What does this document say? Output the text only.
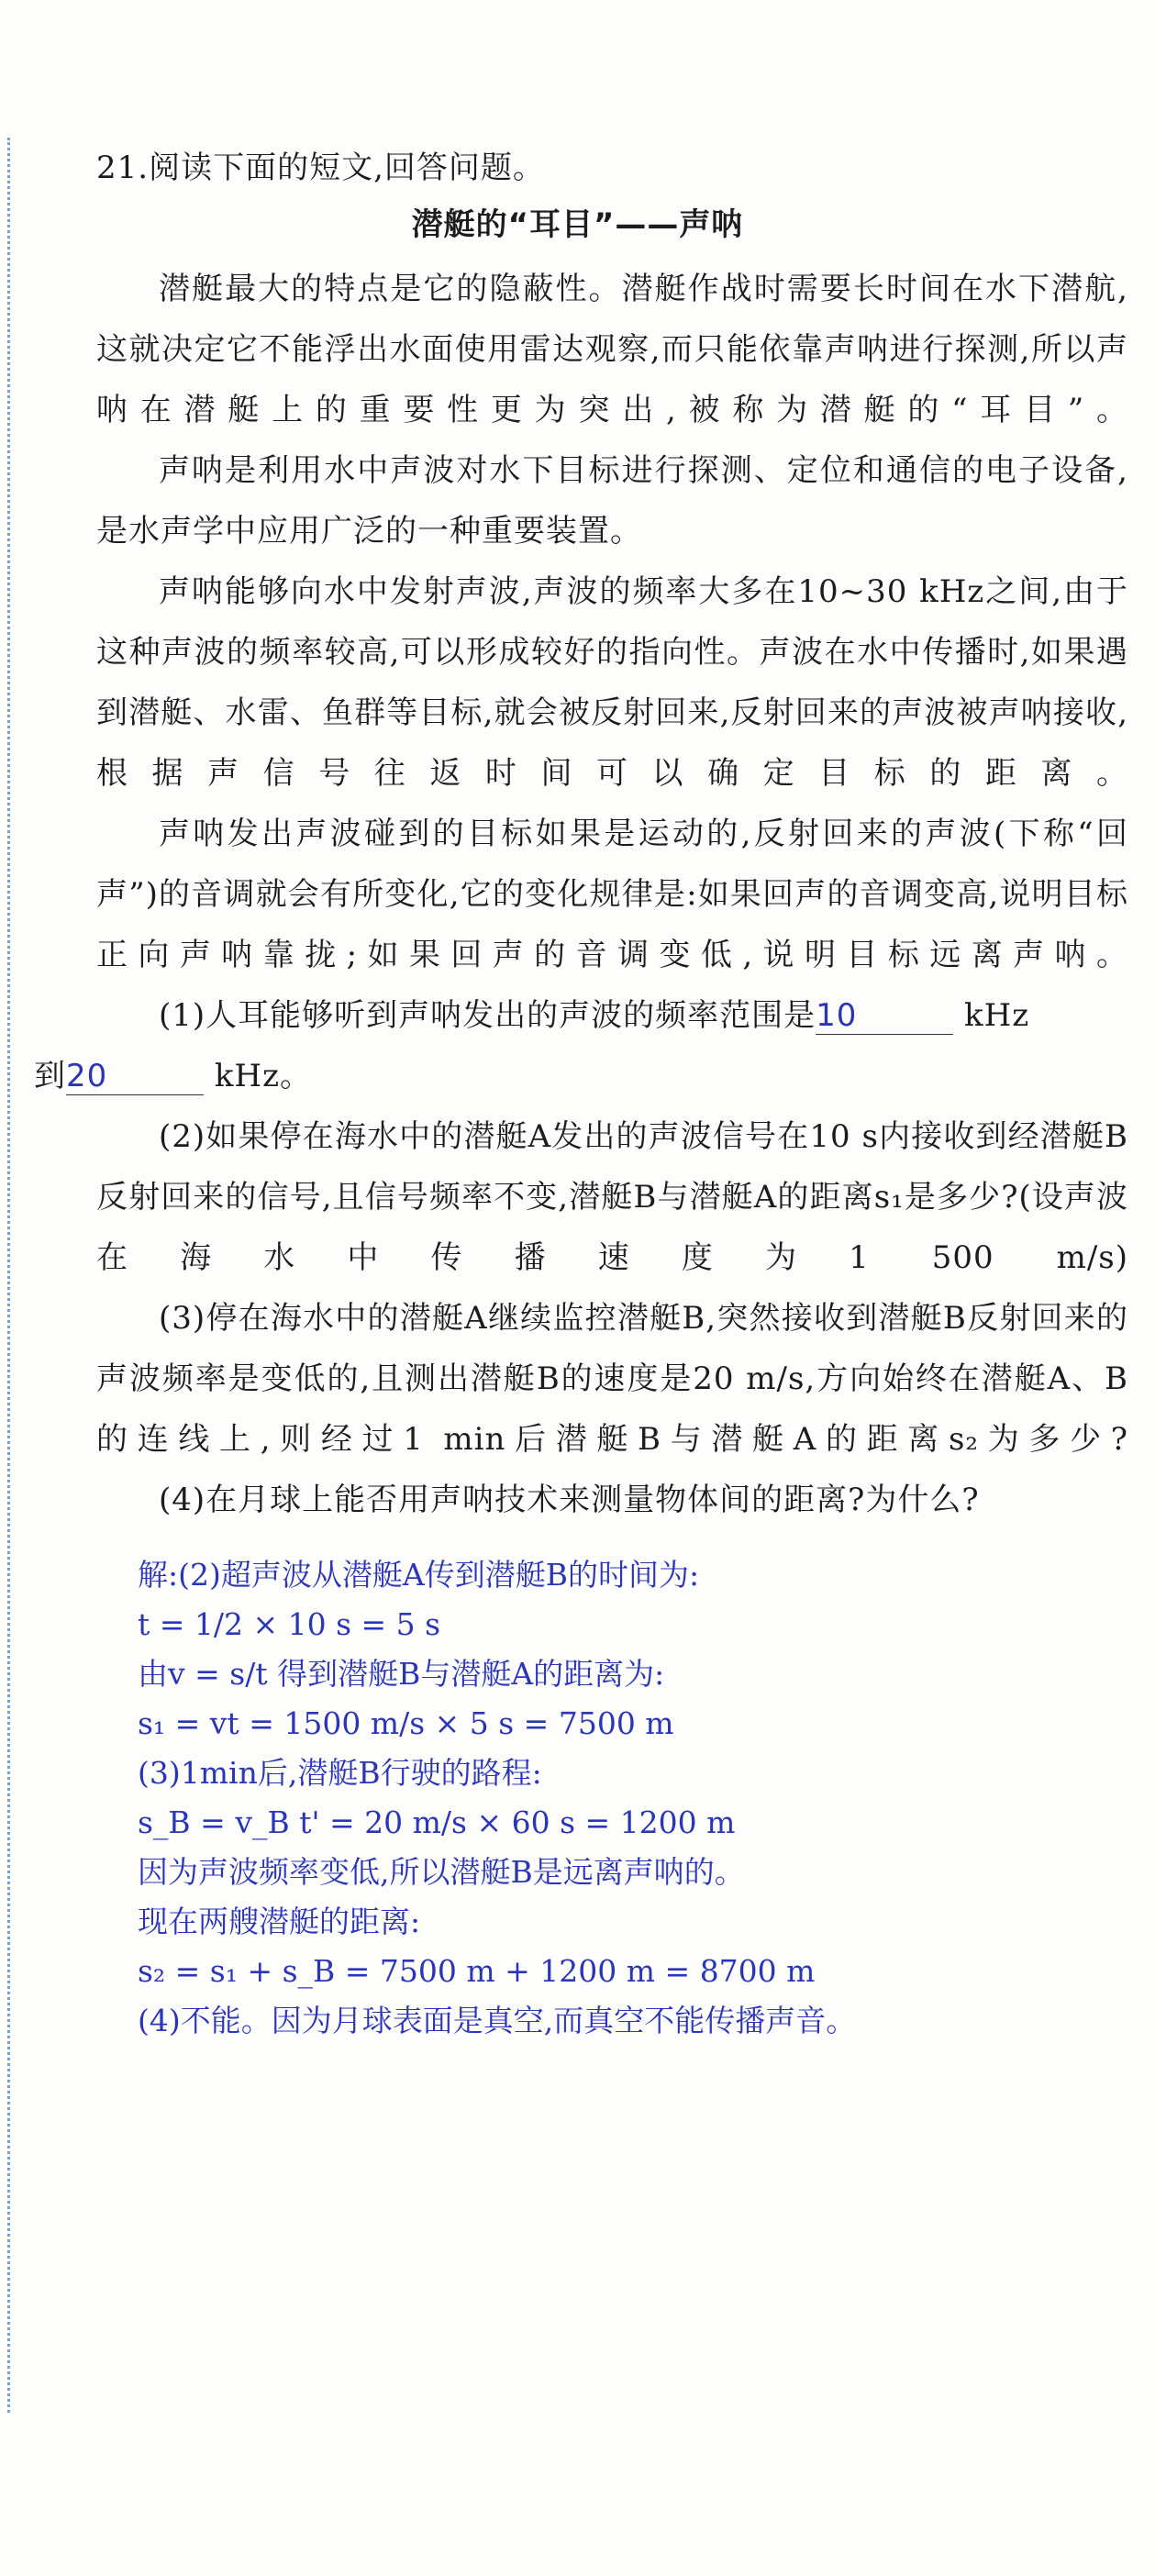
21.阅读下面的短文,回答问题。

潜艇的“耳目”——声呐

潜艇最大的特点是它的隐蔽性。潜艇作战时需要长时间在水下潜航,这就决定它不能浮出水面使用雷达观察,而只能依靠声呐进行探测,所以声呐在潜艇上的重要性更为突出,被称为潜艇的“耳目”。

声呐是利用水中声波对水下目标进行探测、定位和通信的电子设备,是水声学中应用广泛的一种重要装置。

声呐能够向水中发射声波,声波的频率大多在10~30 kHz之间,由于这种声波的频率较高,可以形成较好的指向性。声波在水中传播时,如果遇到潜艇、水雷、鱼群等目标,就会被反射回来,反射回来的声波被声呐接收,根据声信号往返时间可以确定目标的距离。

声呐发出声波碰到的目标如果是运动的,反射回来的声波(下称“回声”)的音调就会有所变化,它的变化规律是:如果回声的音调变高,说明目标正向声呐靠拢;如果回声的音调变低,说明目标远离声呐。

(1)人耳能够听到声呐发出的声波的频率范围是10	kHz
到20	kHz。

(2)如果停在海水中的潜艇A发出的声波信号在10 s内接收到经潜艇B反射回来的信号,且信号频率不变,潜艇B与潜艇A的距离s₁是多少?(设声波在海水中传播速度为1 500 m/s)

(3)停在海水中的潜艇A继续监控潜艇B,突然接收到潜艇B反射回来的声波频率是变低的,且测出潜艇B的速度是20 m/s,方向始终在潜艇A、B的连线上,则经过1 min后潜艇B与潜艇A的距离s₂为多少?

(4)在月球上能否用声呐技术来测量物体间的距离?为什么?

解:(2)超声波从潜艇A传到潜艇B的时间为:
t = 1/2 × 10 s = 5 s
由v = s/t 得到潜艇B与潜艇A的距离为:
s₁ = vt = 1500 m/s × 5 s = 7500 m
(3)1min后,潜艇B行驶的路程:
s_B = v_B t' = 20 m/s × 60 s = 1200 m
因为声波频率变低,所以潜艇B是远离声呐的。
现在两艘潜艇的距离:
s₂ = s₁ + s_B = 7500 m + 1200 m = 8700 m
(4)不能。因为月球表面是真空,而真空不能传播声音。
